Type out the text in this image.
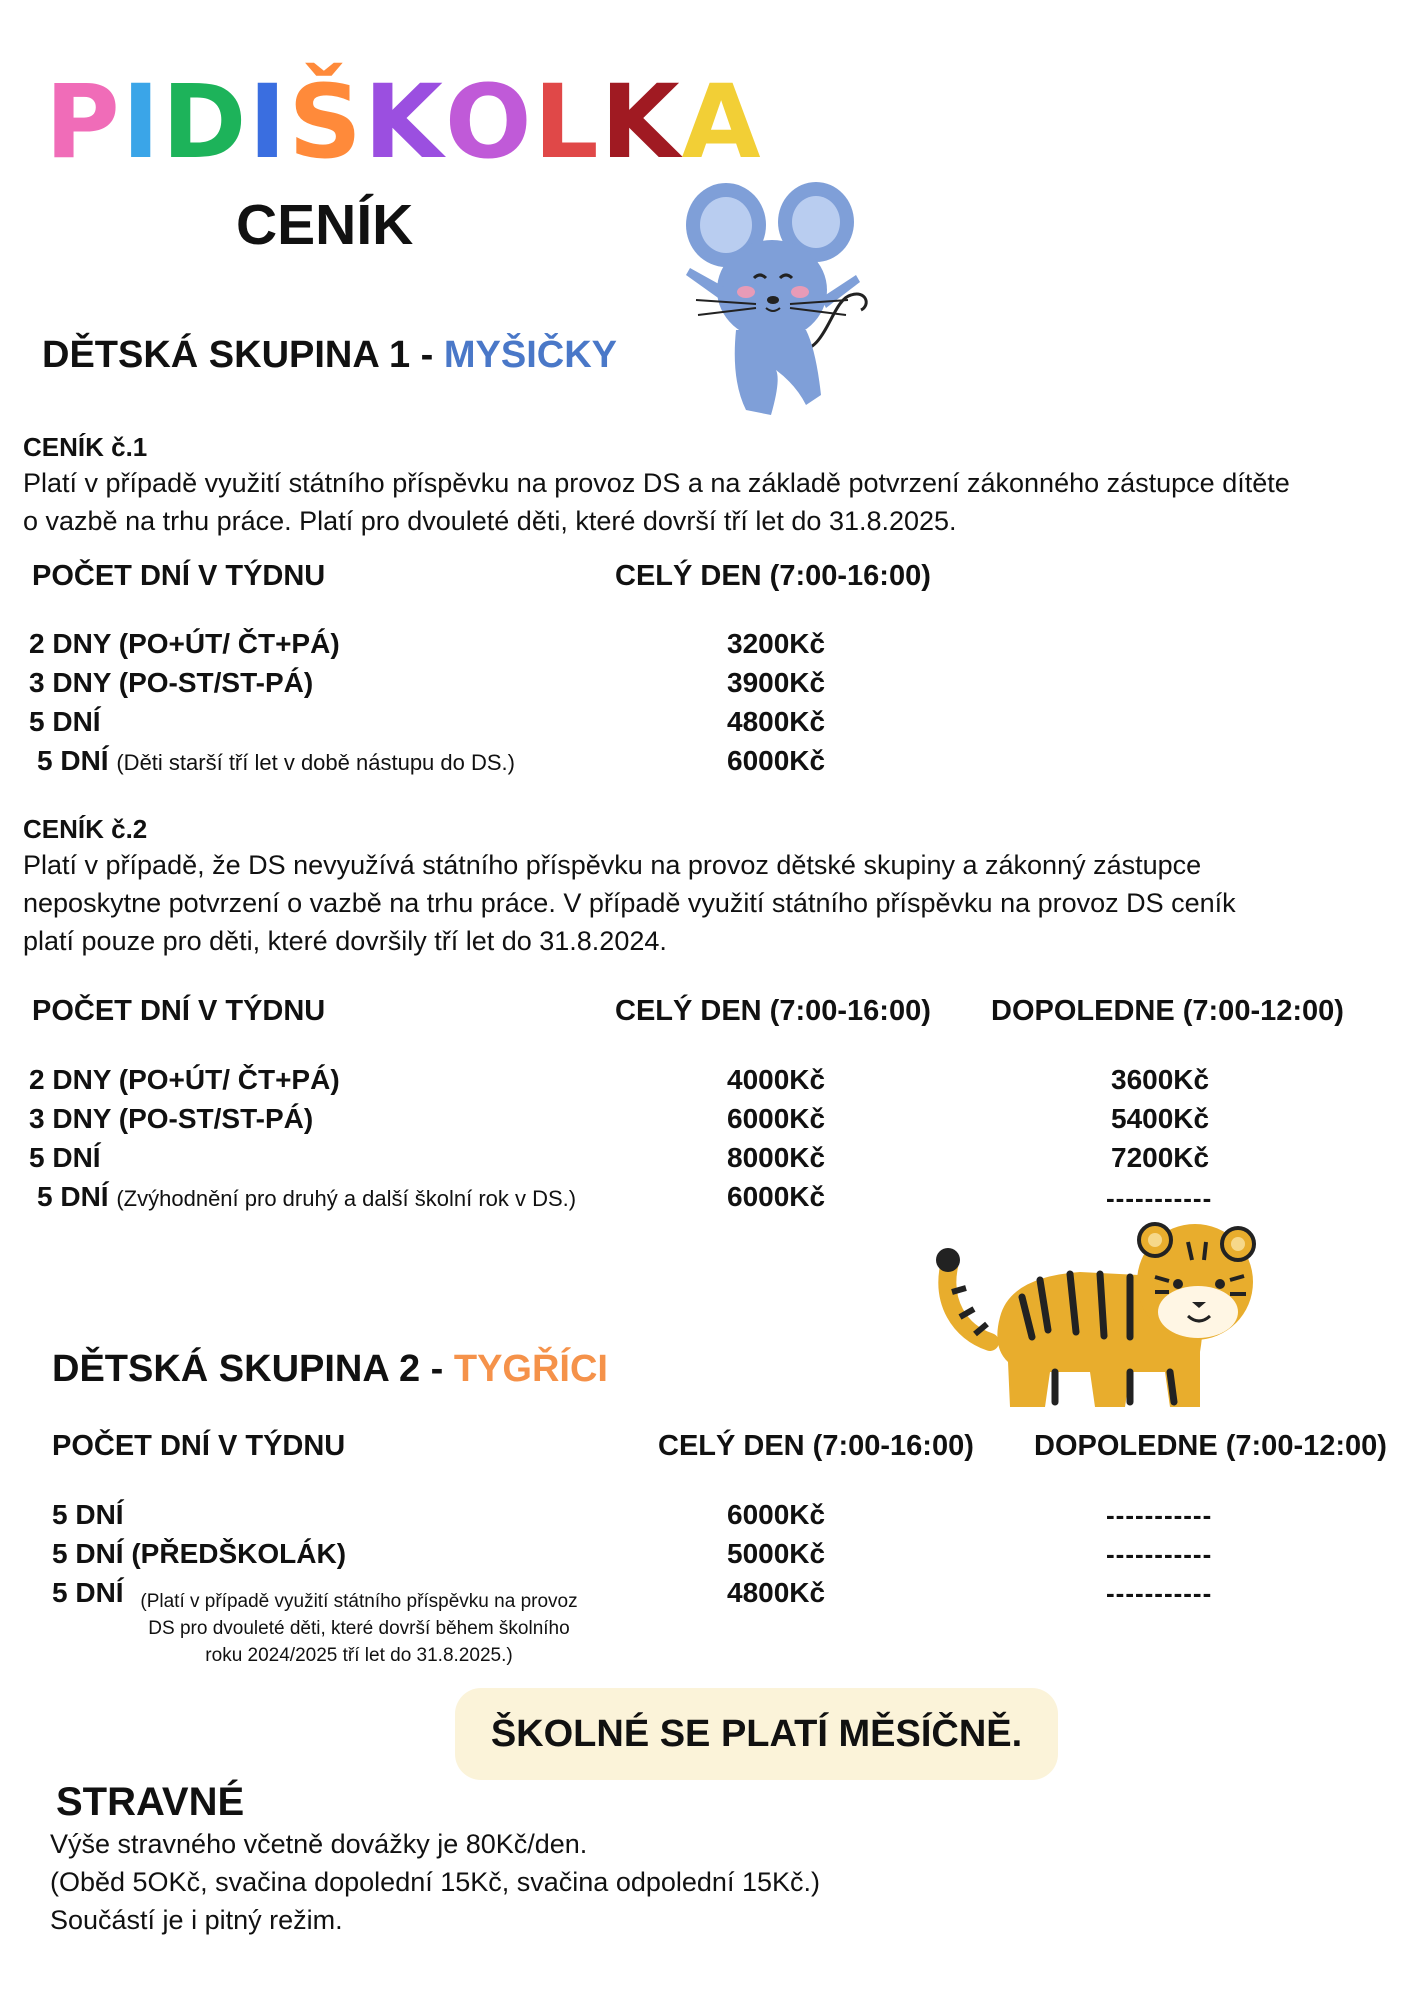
PIDIŠKOLKA
CENÍK
DĚTSKÁ SKUPINA 1 - MYŠIČKY
CENÍK č.1
Platí v případě využití státního příspěvku na provoz DS a na základě potvrzení zákonného zástupce dítěte o vazbě na trhu práce. Platí pro dvouleté děti, které dovrší tří let do 31.8.2025.
POČET DNÍ V TÝDNU	CELÝ DEN (7:00-16:00)
2 DNY (PO+ÚT/ ČT+PÁ)	3200Kč
3 DNY (PO-ST/ST-PÁ)	3900Kč
5 DNÍ	4800Kč
5 DNÍ (Děti starší tří let v době nástupu do DS.)	6000Kč
CENÍK č.2
Platí v případě, že DS nevyužívá státního příspěvku na provoz dětské skupiny a zákonný zástupce neposkytne potvrzení o vazbě na trhu práce. V případě využití státního příspěvku na provoz DS ceník platí pouze pro děti, které dovršily tří let do 31.8.2024.
POČET DNÍ V TÝDNU	CELÝ DEN (7:00-16:00) DOPOLEDNE (7:00-12:00)
2 DNY (PO+ÚT/ ČT+PÁ)	4000Kč	3600Kč
3 DNY (PO-ST/ST-PÁ)	6000Kč	5400Kč
5 DNÍ	8000Kč	7200Kč
5 DNÍ (Zvýhodnění pro druhý a další školní rok v DS.)	6000Kč	-----------
DĚTSKÁ SKUPINA 2 - TYGŘÍCI
POČET DNÍ V TÝDNU	CELÝ DEN (7:00-16:00) DOPOLEDNE (7:00-12:00)
5 DNÍ	6000Kč	-----------
5 DNÍ (PŘEDŠKOLÁK)	5000Kč	-----------
5 DNÍ	4800Kč	-----------
(Platí v případě využití státního příspěvku na provoz DS pro dvouleté děti, které dovrší během školního roku 2024/2025 tří let do 31.8.2025.)
ŠKOLNÉ SE PLATÍ MĚSÍČNĚ.
STRAVNÉ
Výše stravného včetně dovážky je 80Kč/den.
(Oběd 5OKč, svačina dopolední 15Kč, svačina odpolední 15Kč.)
Součástí je i pitný režim.
